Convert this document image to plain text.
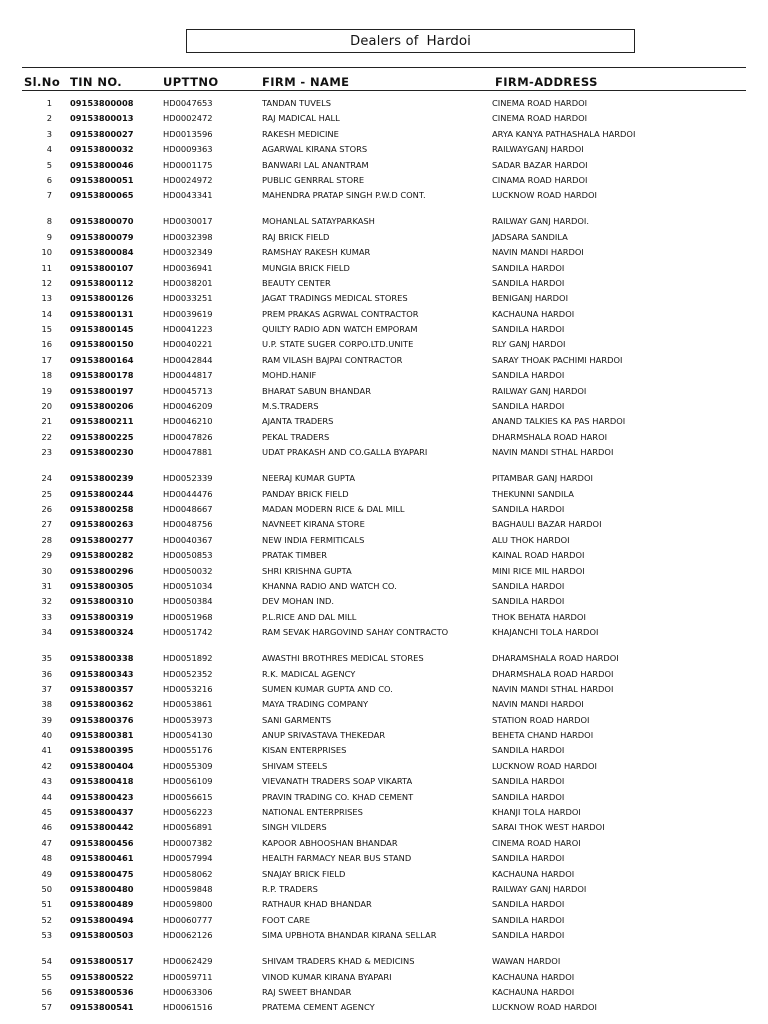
Dealers of Hardoi
Sl.No TIN NO.	UPTTNO	FIRM - NAME	FIRM-ADDRESS
1 09153800008	HD0047653	TANDAN TUVELS	CINEMA ROAD HARDOI
2 09153800013	HD0002472	RAJ MADICAL HALL	CINEMA ROAD HARDOI
3 09153800027	HD0013596	RAKESH MEDICINE	ARYA KANYA PATHASHALA HARDOI
4 09153800032	HD0009363	AGARWAL KIRANA STORS	RAILWAYGANJ HARDOI
5 09153800046	HD0001175	BANWARI LAL ANANTRAM	SADAR BAZAR HARDOI
6 09153800051	HD0024972	PUBLIC GENRRAL STORE	CINAMA ROAD HARDOI
7 09153800065	HD0043341	MAHENDRA PRATAP SINGH P.W.D CONT.	LUCKNOW ROAD HARDOI
8 09153800070	HD0030017	MOHANLAL SATAYPARKASH	RAILWAY GANJ HARDOI.
9 09153800079	HD0032398	RAJ BRICK FIELD	JADSARA SANDILA
10 09153800084	HD0032349	RAMSHAY RAKESH KUMAR	NAVIN MANDI HARDOI
11 09153800107	HD0036941	MUNGIA BRICK FIELD	SANDILA HARDOI
12 09153800112	HD0038201	BEAUTY CENTER	SANDILA HARDOI
13 09153800126	HD0033251	JAGAT TRADINGS MEDICAL STORES	BENIGANJ HARDOI
14 09153800131	HD0039619	PREM PRAKAS AGRWAL CONTRACTOR	KACHAUNA HARDOI
15 09153800145	HD0041223	QUILTY RADIO ADN WATCH EMPORAM	SANDILA HARDOI
16 09153800150	HD0040221	U.P. STATE SUGER CORPO.LTD.UNITE	RLY GANJ HARDOI
17 09153800164	HD0042844	RAM VILASH BAJPAI CONTRACTOR	SARAY THOAK PACHIMI HARDOI
18 09153800178	HD0044817	MOHD.HANIF	SANDILA HARDOI
19 09153800197	HD0045713	BHARAT SABUN BHANDAR	RAILWAY GANJ HARDOI
20 09153800206	HD0046209	M.S.TRADERS	SANDILA HARDOI
21 09153800211	HD0046210	AJANTA TRADERS	ANAND TALKIES KA PAS HARDOI
22 09153800225	HD0047826	PEKAL TRADERS	DHARMSHALA ROAD HAROI
23 09153800230	HD0047881	UDAT PRAKASH AND CO.GALLA BYAPARI	NAVIN MANDI STHAL HARDOI
24 09153800239	HD0052339	NEERAJ KUMAR GUPTA	PITAMBAR GANJ HARDOI
25 09153800244	HD0044476	PANDAY BRICK FIELD	THEKUNNI SANDILA
26 09153800258	HD0048667	MADAN MODERN RICE & DAL MILL	SANDILA HARDOI
27 09153800263	HD0048756	NAVNEET KIRANA STORE	BAGHAULI BAZAR HARDOI
28 09153800277	HD0040367	NEW INDIA FERMITICALS	ALU THOK HARDOI
29 09153800282	HD0050853	PRATAK TIMBER	KAINAL ROAD HARDOI
30 09153800296	HD0050032	SHRI KRISHNA GUPTA	MINI RICE MIL HARDOI
31 09153800305	HD0051034	KHANNA RADIO AND WATCH CO.	SANDILA HARDOI
32 09153800310	HD0050384	DEV MOHAN IND.	SANDILA HARDOI
33 09153800319	HD0051968	P.L.RICE AND DAL MILL	THOK BEHATA HARDOI
34 09153800324	HD0051742	RAM SEVAK HARGOVIND SAHAY CONTRACTO	KHAJANCHI TOLA HARDOI
35 09153800338	HD0051892	AWASTHI BROTHRES MEDICAL STORES	DHARAMSHALA ROAD HARDOI
36 09153800343	HD0052352	R.K. MADICAL AGENCY	DHARMSHALA ROAD HARDOI
37 09153800357	HD0053216	SUMEN KUMAR GUPTA AND CO.	NAVIN MANDI STHAL HARDOI
38 09153800362	HD0053861	MAYA TRADING COMPANY	NAVIN MANDI HARDOI
39 09153800376	HD0053973	SANI GARMENTS	STATION ROAD HARDOI
40 09153800381	HD0054130	ANUP SRIVASTAVA THEKEDAR	BEHETA CHAND HARDOI
41 09153800395	HD0055176	KISAN ENTERPRISES	SANDILA HARDOI
42 09153800404	HD0055309	SHIVAM STEELS	LUCKNOW ROAD HARDOI
43 09153800418	HD0056109	VIEVANATH TRADERS SOAP VIKARTA	SANDILA HARDOI
44 09153800423	HD0056615	PRAVIN TRADING CO. KHAD CEMENT	SANDILA HARDOI
45 09153800437	HD0056223	NATIONAL ENTERPRISES	KHANJI TOLA HARDOI
46 09153800442	HD0056891	SINGH VILDERS	SARAI THOK WEST HARDOI
47 09153800456	HD0007382	KAPOOR ABHOOSHAN BHANDAR	CINEMA ROAD HAROI
48 09153800461	HD0057994	HEALTH FARMACY NEAR BUS STAND	SANDILA HARDOI
49 09153800475	HD0058062	SNAJAY BRICK FIELD	KACHAUNA HARDOI
50 09153800480	HD0059848	R.P. TRADERS	RAILWAY GANJ HARDOI
51 09153800489	HD0059800	RATHAUR KHAD BHANDAR	SANDILA HARDOI
52 09153800494	HD0060777	FOOT CARE	SANDILA HARDOI
53 09153800503	HD0062126	SIMA UPBHOTA BHANDAR KIRANA SELLAR	SANDILA HARDOI
54 09153800517	HD0062429	SHIVAM TRADERS KHAD & MEDICINS	WAWAN HARDOI
55 09153800522	HD0059711	VINOD KUMAR KIRANA BYAPARI	KACHAUNA HARDOI
56 09153800536	HD0063306	RAJ SWEET BHANDAR	KACHAUNA HARDOI
57 09153800541	HD0061516	PRATEMA CEMENT AGENCY	LUCKNOW ROAD HARDOI
